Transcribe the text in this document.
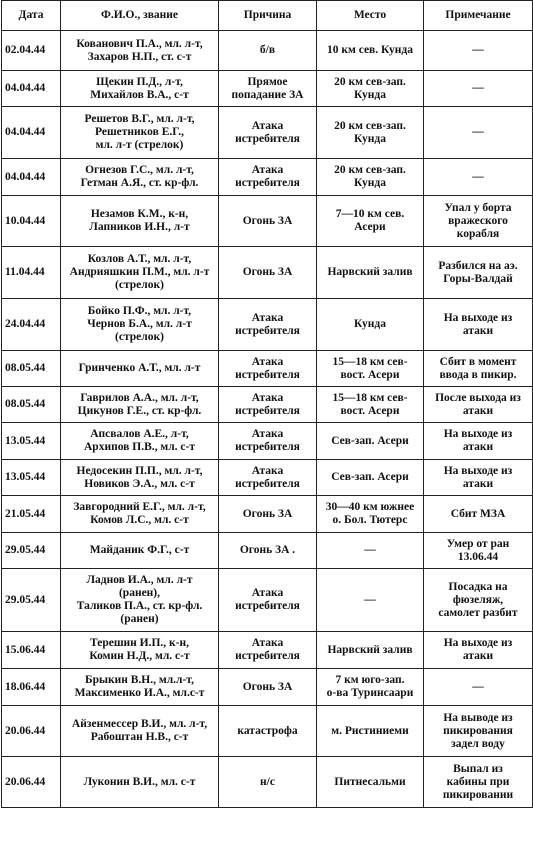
Дата	Ф.И.О., звание	Причина	Место	Примечание
02.04.44	Кованович П.А., мл. л-т,
Захаров Н.П., ст. с-т	б/в	10 км сев. Кунда	—

04.04.44	Щекин П.Д., л-т,
Михайлов В.А., с-т	Прямое
попадание ЗА	20 км сев-зап.
Кунда	—

04.04.44	Решетов В.Г., мл. л-т,
Решетников Е.Г.,
мл. л-т (стрелок)	Атака
истребителя	20 км сев-зап.
Кунда	—

04.04.44	Огнезов Г.С., мл. л-т,
Гетман А.Я., ст. кр-фл.	Атака
истребителя	20 км сев-зап.
Кунда	—

10.04.44	Незамов К.М., к-н,
Лапников И.Н., л-т	Огонь ЗА	7—10 км сев.
Асери	Упал у борта
вражеского
корабля

11.04.44	Козлов А.Т., мл. л-т,
Андрияшкин П.М., мл. л-т
(стрелок)	Огонь ЗА	Нарвский залив	Разбился на аэ.
Горы-Валдай

24.04.44	Бойко П.Ф., мл. л-т,
Чернов Б.А., мл. л-т
(стрелок)	Атака
истребителя	Кунда	На выходе из
атаки

08.05.44	Гринченко А.Т., мл. л-т	Атака
истребителя	15—18 км сев-
вост. Асери	Сбит в момент
ввода в пикир.

08.05.44	Гаврилов А.А., мл. л-т,
Цикунов Г.Е., ст. кр-фл.	Атака
истребителя	15—18 км сев-
вост. Асери	После выхода из
атаки

13.05.44	Апсвалов А.Е., л-т,
Архипов П.В., мл. с-т	Атака
истребителя	Сев-зап. Асери	На выходе из
атаки

13.05.44	Недосекин П.П., мл. л-т,
Новиков Э.А., мл. с-т	Атака
истребителя	Сев-зап. Асери	На выходе из
атаки

21.05.44	Завгородний Е.Г., мл. л-т,
Комов Л.С., мл. с-т	Огонь ЗА	30—40 км южнее
о. Бол. Тютерс	Сбит МЗА

29.05.44	Майданик Ф.Г., с-т	Огонь ЗА .	—	Умер от ран
13.06.44

29.05.44	Ладнов И.А., мл. л-т
(ранен),
Таликов П.А., ст. кр-фл.
(ранен)	Атака
истребителя	—	Посадка на
фюзеляж,
самолет разбит

15.06.44	Терешин И.П., к-н,
Комин Н.Д., мл. с-т	Атака
истребителя	Нарвский залив	На выходе из
атаки

18.06.44	Брыкин В.Н., мл.л-т,
Максименко И.А., мл.с-т	Огонь ЗА	7 км юго-зап.
о-ва Туринсаари	—

20.06.44	Айзенмессер В.И., мл. л-т,
Рабоштан Н.В., с-т	катастрофа	м. Ристиниеми	На выводе из
пикирования
задел воду

20.06.44	Луконин В.И., мл. с-т	н/с	Питнесальми	Выпал из
кабины при
пикировании
